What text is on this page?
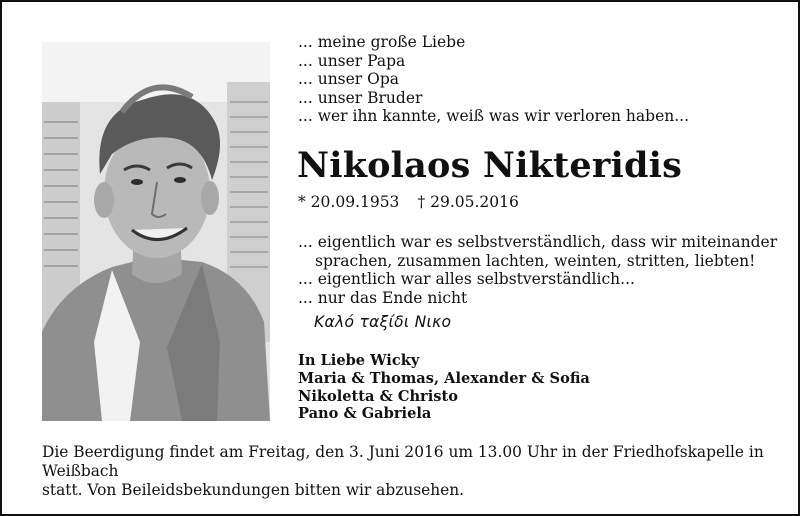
... meine große Liebe
... unser Papa
... unser Opa
... unser Bruder
... wer ihn kannte, weiß was wir verloren haben...
Nikolaos Nikteridis
* 20.09.1953 † 29.05.2016
... eigentlich war es selbstverständlich, dass wir miteinander
sprachen, zusammen lachten, weinten, stritten, liebten!
... eigentlich war alles selbstverständlich...
... nur das Ende nicht
Καλό ταξίδι Νικο
In Liebe Wicky
Maria & Thomas, Alexander & Sofia
Nikoletta & Christo
Pano & Gabriela
Die Beerdigung findet am Freitag, den 3. Juni 2016 um 13.00 Uhr in der Friedhofskapelle in Weißbach
statt. Von Beileidsbekundungen bitten wir abzusehen.
